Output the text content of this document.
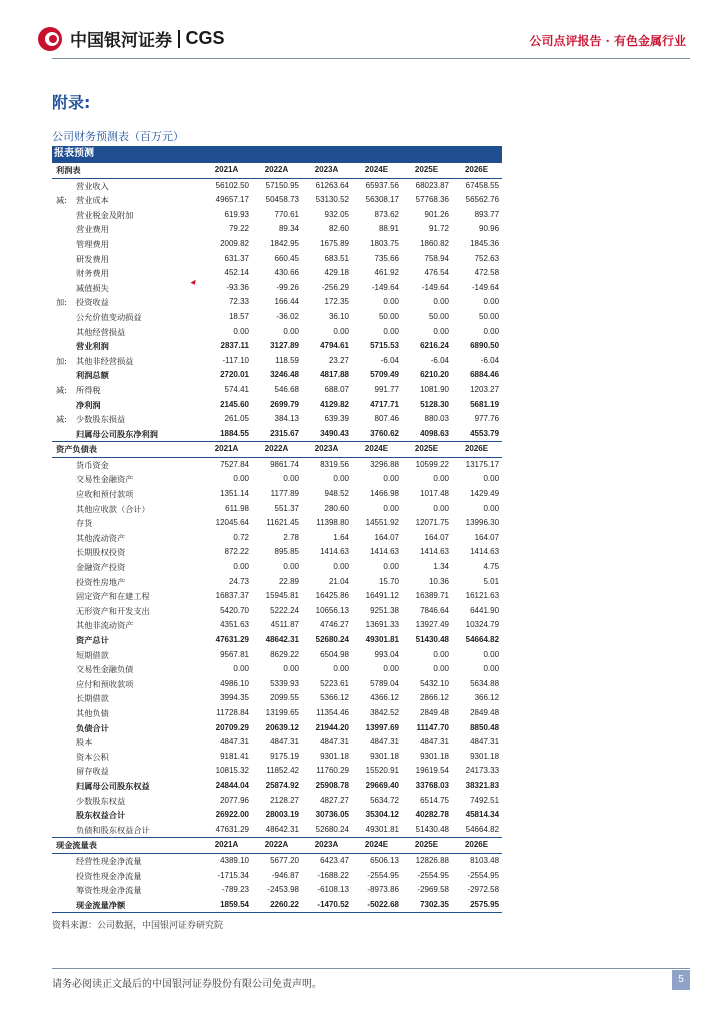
中国银河证券 CGS	公司点评报告 · 有色金属行业
附录:
公司财务预测表（百万元）
报表预测						
利润表	2021A	2022A	2023A	2024E	2025E	2026E
营业收入	56102.50	57150.95	61263.64	65937.56	68023.87	67458.55
减: 营业成本	49657.17	50458.73	53130.52	56308.17	57768.36	56562.76
营业税金及附加	619.93	770.61	932.05	873.62	901.26	893.77
营业费用	79.22	89.34	82.60	88.91	91.72	90.96
管理费用	2009.82	1842.95	1675.89	1803.75	1860.82	1845.36
研发费用	631.37	660.45	683.51	735.66	758.94	752.63
财务费用	452.14	430.66	429.18	461.92	476.54	472.58
减值损失	-93.36	-99.26	-256.29	-149.64	-149.64	-149.64
加: 投资收益	72.33	166.44	172.35	0.00	0.00	0.00
公允价值变动损益	18.57	-36.02	36.10	50.00	50.00	50.00
其他经营损益	0.00	0.00	0.00	0.00	0.00	0.00
营业利润	2837.11	3127.89	4794.61	5715.53	6216.24	6890.50
加: 其他非经营损益	-117.10	118.59	23.27	-6.04	-6.04	-6.04
利润总额	2720.01	3246.48	4817.88	5709.49	6210.20	6884.46
减: 所得税	574.41	546.68	688.07	991.77	1081.90	1203.27
净利润	2145.60	2699.79	4129.82	4717.71	5128.30	5681.19
减: 少数股东损益	261.05	384.13	639.39	807.46	880.03	977.76
归属母公司股东净利润	1884.55	2315.67	3490.43	3760.62	4098.63	4553.79
资产负债表	2021A	2022A	2023A	2024E	2025E	2026E
货币资金	7527.84	9861.74	8319.56	3296.88	10599.22	13175.17
交易性金融资产	0.00	0.00	0.00	0.00	0.00	0.00
应收和预付款项	1351.14	1177.89	948.52	1466.98	1017.48	1429.49
其他应收款（合计）	611.98	551.37	280.60	0.00	0.00	0.00
存货	12045.64	11621.45	11398.80	14551.92	12071.75	13996.30
其他流动资产	0.72	2.78	1.64	164.07	164.07	164.07
长期股权投资	872.22	895.85	1414.63	1414.63	1414.63	1414.63
金融资产投资	0.00	0.00	0.00	0.00	1.34	4.75
投资性房地产	24.73	22.89	21.04	15.70	10.36	5.01
固定资产和在建工程	16837.37	15945.81	16425.86	16491.12	16389.71	16121.63
无形资产和开发支出	5420.70	5222.24	10656.13	9251.38	7846.64	6441.90
其他非流动资产	4351.63	4511.87	4746.27	13691.33	13927.49	10324.79
资产总计	47631.29	48642.31	52680.24	49301.81	51430.48	54664.82
短期借款	9567.81	8629.22	6504.98	993.04	0.00	0.00
交易性金融负债	0.00	0.00	0.00	0.00	0.00	0.00
应付和预收款项	4986.10	5339.93	5223.61	5789.04	5432.10	5634.88
长期借款	3994.35	2099.55	5366.12	4366.12	2866.12	366.12
其他负债	11728.84	13199.65	11354.46	3842.52	2849.48	2849.48
负债合计	20709.29	20639.12	21944.20	13997.69	11147.70	8850.48
股本	4847.31	4847.31	4847.31	4847.31	4847.31	4847.31
资本公积	9181.41	9175.19	9301.18	9301.18	9301.18	9301.18
留存收益	10815.32	11852.42	11760.29	15520.91	19619.54	24173.33
归属母公司股东权益	24844.04	25874.92	25908.78	29669.40	33768.03	38321.83
少数股东权益	2077.96	2128.27	4827.27	5634.72	6514.75	7492.51
股东权益合计	26922.00	28003.19	30736.05	35304.12	40282.78	45814.34
负债和股东权益合计	47631.29	48642.31	52680.24	49301.81	51430.48	54664.82
现金流量表	2021A	2022A	2023A	2024E	2025E	2026E
经营性现金净流量	4389.10	5677.20	6423.47	6506.13	12826.88	8103.48
投资性现金净流量	-1715.34	-946.87	-1688.22	-2554.95	-2554.95	-2554.95
筹资性现金净流量	-789.23	-2453.98	-6108.13	-8973.86	-2969.58	-2972.58
现金流量净额	1859.54	2260.22	-1470.52	-5022.68	7302.35	2575.95
资料来源：公司数据，中国银河证券研究院
请务必阅读正文最后的中国银河证券股份有限公司免责声明。	5
